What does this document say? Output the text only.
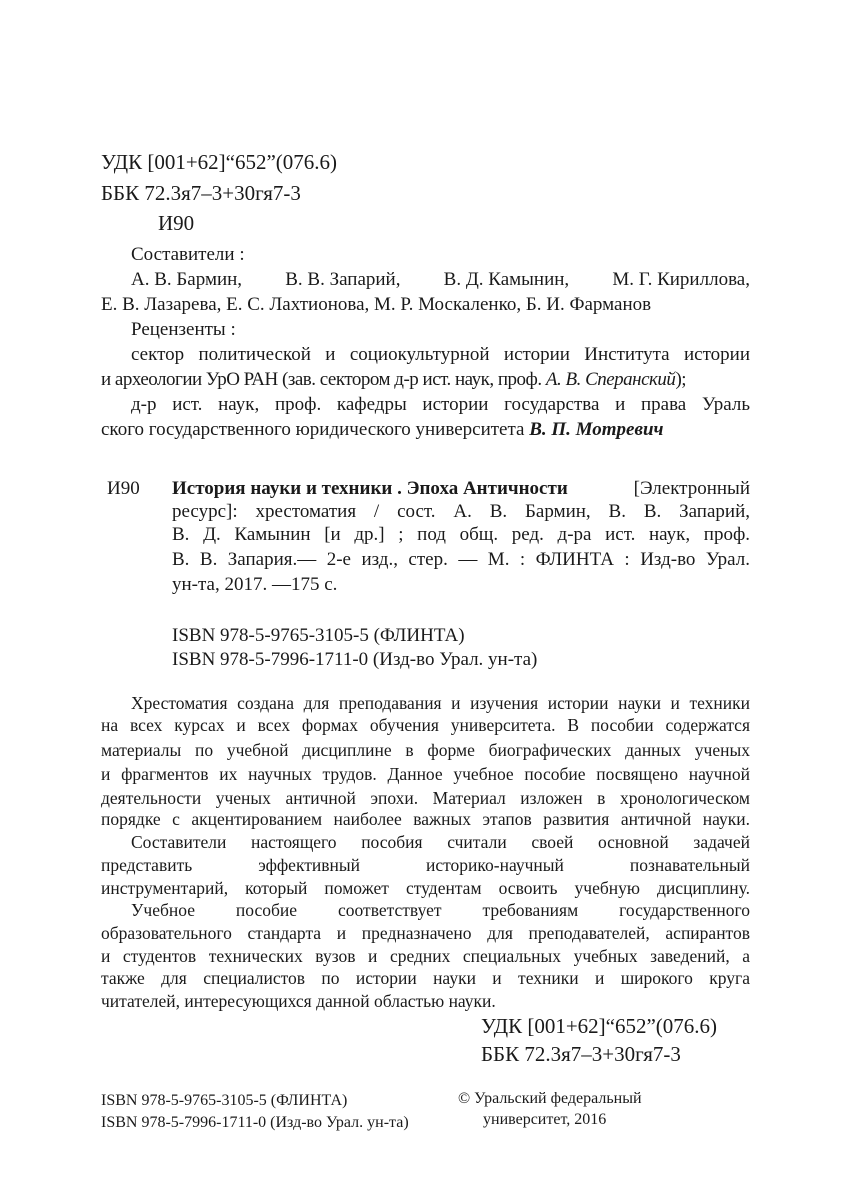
УДК [001+62]“652”(076.6)
ББК 72.3я7–3+30гя7-3
И90
Составители :
А. В. Бармин, В. В. Запарий, В. Д. Камынин, М. Г. Кириллова,
Е. В. Лазарева, Е. С. Лахтионова, М. Р. Москаленко, Б. И. Фарманов
Рецензенты :
сектор политической и социокультурной истории Института истории
и археологии УрО РАН (зав. сектором д-р ист. наук, проф. А. В. Сперанский);
д-р ист. наук, проф. кафедры истории государства и права Ураль
ского государственного юридического университета В. П. Мотревич
И90 История науки и техники . Эпоха Античности	[Электронный
ресурс]: хрестоматия / сост. А. В. Бармин, В. В. Запарий,
В. Д. Камынин [и др.] ; под общ. ред. д-ра ист. наук, проф.
В. В. Запария.— 2-е изд., стер. — М. : ФЛИНТА : Изд-во Урал.
ун-та, 2017. —175 с.
ISBN 978-5-9765-3105-5 (ФЛИНТА)
ISBN 978-5-7996-1711-0 (Изд-во Урал. ун-та)
Хрестоматия создана для преподавания и изучения истории науки и техники
на всех курсах и всех формах обучения университета. В пособии содержатся
материалы по учебной дисциплине в форме биографических данных ученых
и фрагментов их научных трудов. Данное учебное пособие посвящено научной
деятельности ученых античной эпохи. Материал изложен в хронологическом
порядке с акцентированием наиболее важных этапов развития античной науки.
Составители настоящего пособия считали своей основной задачей
представить эффективный историко-научный познавательный
инструментарий, который поможет студентам освоить учебную дисциплину.
Учебное пособие соответствует требованиям государственного
образовательного стандарта и предназначено для преподавателей, аспирантов
и студентов технических вузов и средних специальных учебных заведений, а
также для специалистов по истории науки и техники и широкого круга
читателей, интересующихся данной областью науки.
УДК [001+62]“652”(076.6)
ББК 72.3я7–3+30гя7-3
ISBN 978-5-9765-3105-5 (ФЛИНТА)
ISBN 978-5-7996-1711-0 (Изд-во Урал. ун-та)
© Уральский федеральный
университет, 2016
